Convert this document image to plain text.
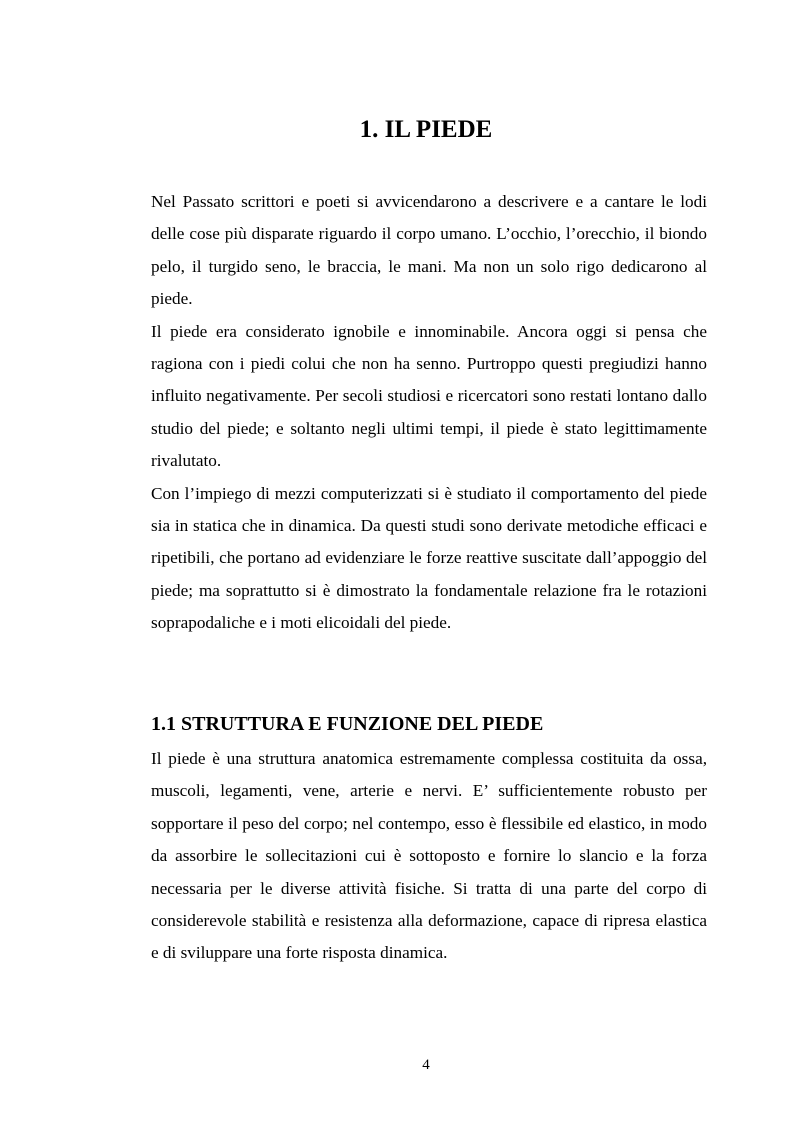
1. IL PIEDE

Nel Passato scrittori e poeti si avvicendarono a descrivere e a cantare le lodi delle cose più disparate riguardo il corpo umano. L’occhio, l’orecchio, il biondo pelo, il turgido seno, le braccia, le mani. Ma non un solo rigo dedicarono al piede.

Il piede era considerato ignobile e innominabile. Ancora oggi si pensa che ragiona con i piedi colui che non ha senno. Purtroppo questi pregiudizi hanno influito negativamente. Per secoli studiosi e ricercatori sono restati lontano dallo studio del piede; e soltanto negli ultimi tempi, il piede è stato legittimamente rivalutato.

Con l’impiego di mezzi computerizzati si è studiato il comportamento del piede sia in statica che in dinamica. Da questi studi sono derivate metodiche efficaci e ripetibili, che portano ad evidenziare le forze reattive suscitate dall’appoggio del piede; ma soprattutto si è dimostrato la fondamentale relazione fra le rotazioni soprapodaliche e i moti elicoidali del piede.

1.1 STRUTTURA E FUNZIONE DEL PIEDE

Il piede è una struttura anatomica estremamente complessa costituita da ossa, muscoli, legamenti, vene, arterie e nervi. E’ sufficientemente robusto per sopportare il peso del corpo; nel contempo, esso è flessibile ed elastico, in modo da assorbire le sollecitazioni cui è sottoposto e fornire lo slancio e la forza necessaria per le diverse attività fisiche. Si tratta di una parte del corpo di considerevole stabilità e resistenza alla deformazione, capace di ripresa elastica e di sviluppare una forte risposta dinamica.

4
